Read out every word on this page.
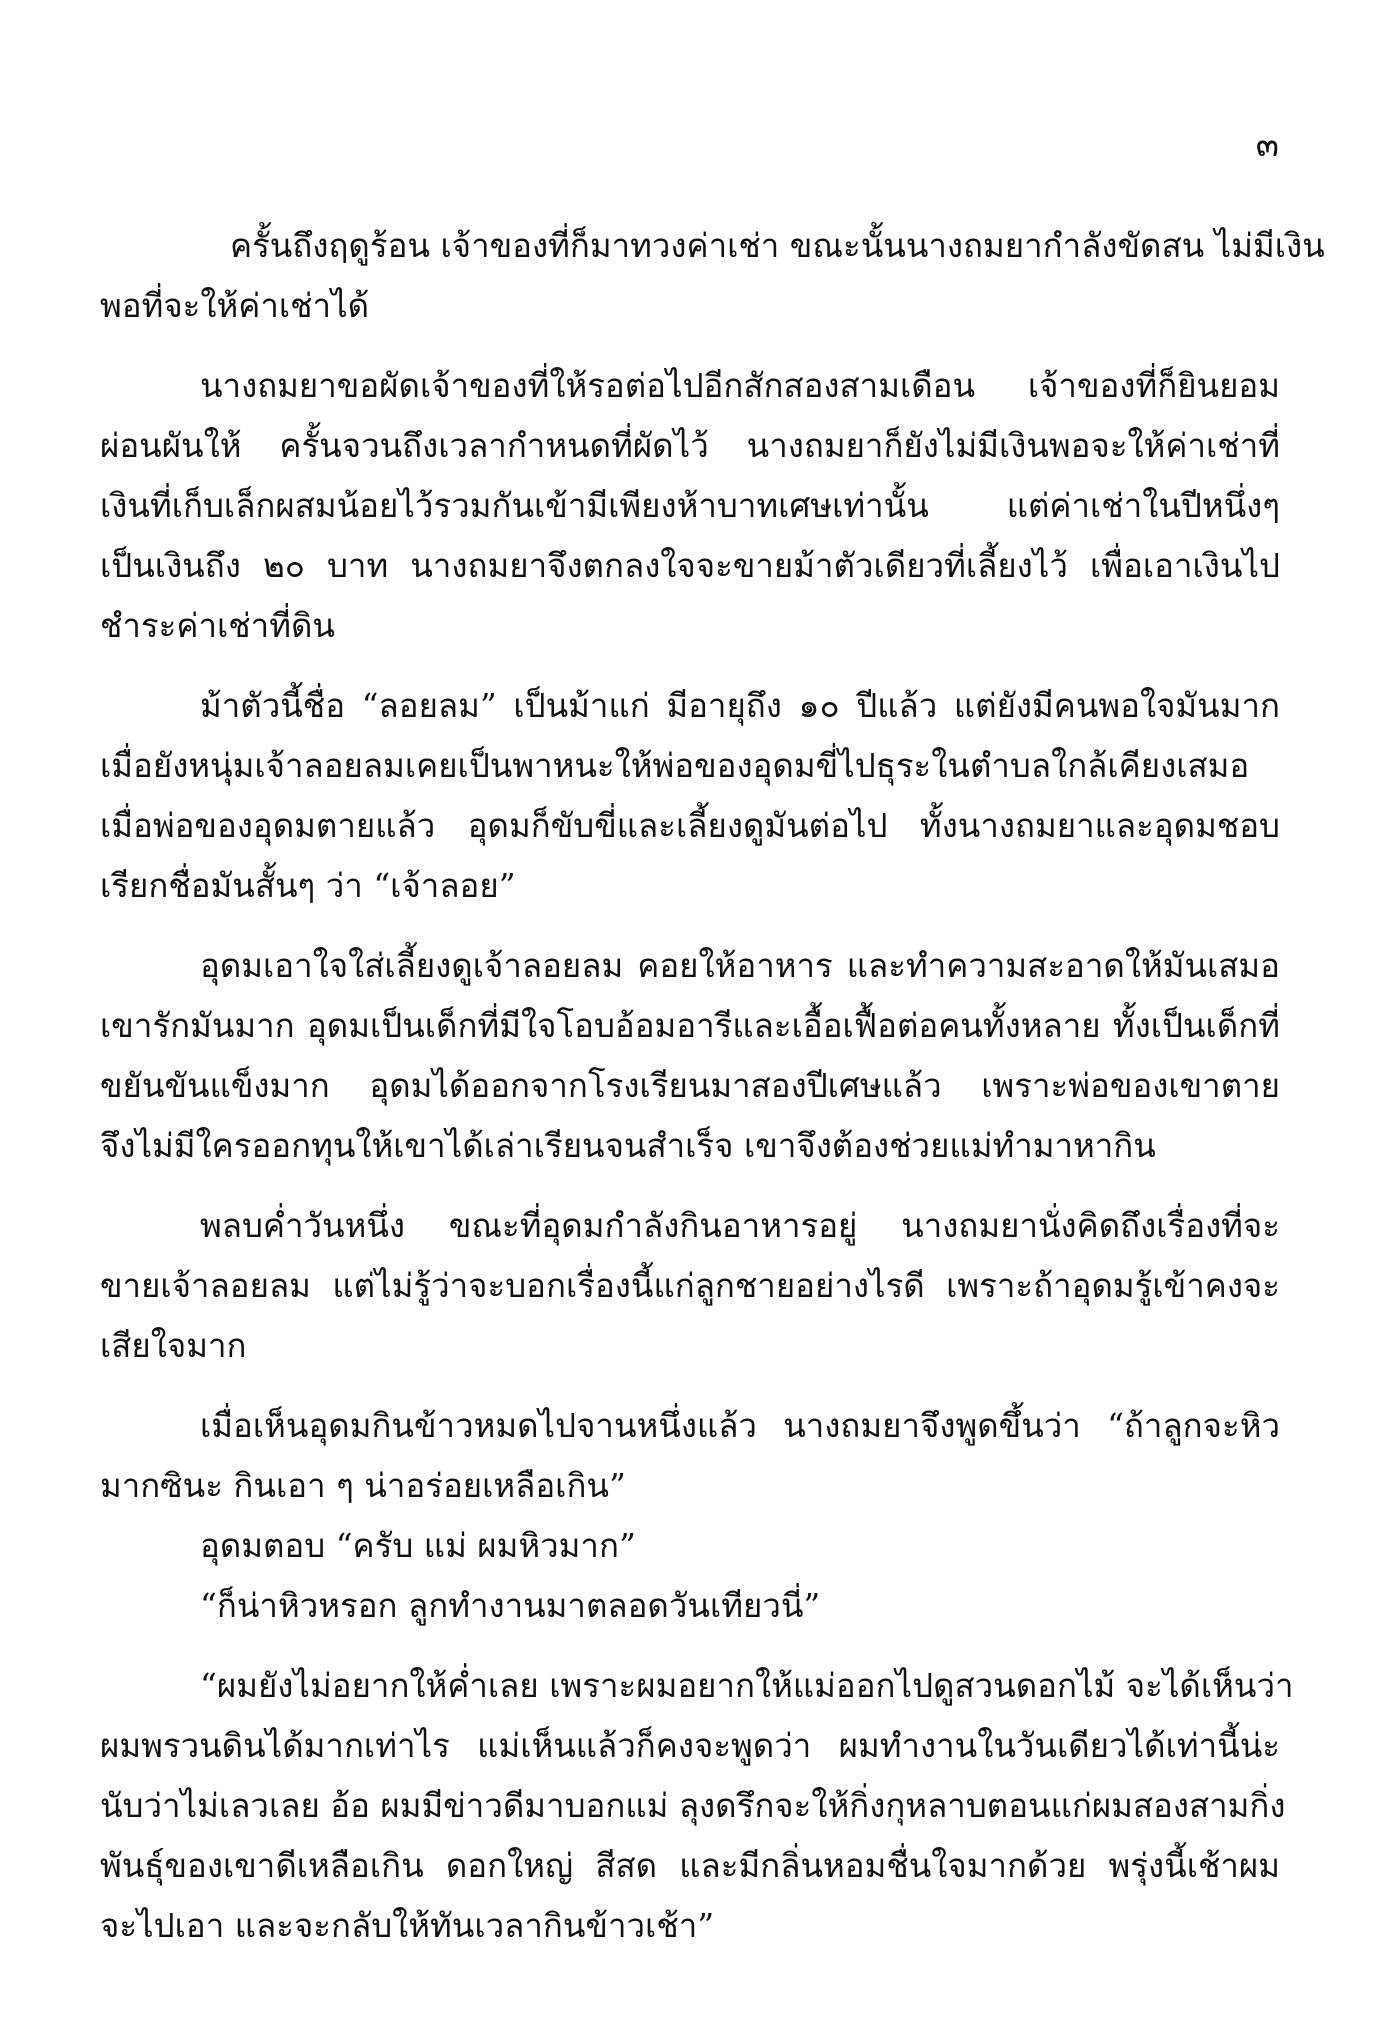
๓
ครั้นถึงฤดูร้อน เจ้าของที่ก็มาทวงค่าเช่า ขณะนั้นนางถมยากำลังขัดสน ไม่มีเงิน
พอที่จะให้ค่าเช่าได้
นางถมยาขอผัดเจ้าของที่ให้รอต่อไปอีกสักสองสามเดือน เจ้าของที่ก็ยินยอม
ผ่อนผันให้ ครั้นจวนถึงเวลากำหนดที่ผัดไว้ นางถมยาก็ยังไม่มีเงินพอจะให้ค่าเช่าที่
เงินที่เก็บเล็กผสมน้อยไว้รวมกันเข้ามีเพียงห้าบาทเศษเท่านั้น แต่ค่าเช่าในปีหนึ่งๆ
เป็นเงินถึง ๒๐ บาท นางถมยาจึงตกลงใจจะขายม้าตัวเดียวที่เลี้ยงไว้ เพื่อเอาเงินไป
ชำระค่าเช่าที่ดิน
ม้าตัวนี้ชื่อ “ลอยลม” เป็นม้าแก่ มีอายุถึง ๑๐ ปีแล้ว แต่ยังมีคนพอใจมันมาก
เมื่อยังหนุ่มเจ้าลอยลมเคยเป็นพาหนะให้พ่อของอุดมขี่ไปธุระในตำบลใกล้เคียงเสมอ
เมื่อพ่อของอุดมตายแล้ว อุดมก็ขับขี่และเลี้ยงดูมันต่อไป ทั้งนางถมยาและอุดมชอบ
เรียกชื่อมันสั้นๆ ว่า “เจ้าลอย”
อุดมเอาใจใส่เลี้ยงดูเจ้าลอยลม คอยให้อาหาร และทำความสะอาดให้มันเสมอ
เขารักมันมาก อุดมเป็นเด็กที่มีใจโอบอ้อมอารีและเอื้อเฟื้อต่อคนทั้งหลาย ทั้งเป็นเด็กที่
ขยันขันแข็งมาก อุดมได้ออกจากโรงเรียนมาสองปีเศษแล้ว เพราะพ่อของเขาตาย
จึงไม่มีใครออกทุนให้เขาได้เล่าเรียนจนสำเร็จ เขาจึงต้องช่วยแม่ทำมาหากิน
พลบค่ำวันหนึ่ง ขณะที่อุดมกำลังกินอาหารอยู่ นางถมยานั่งคิดถึงเรื่องที่จะ
ขายเจ้าลอยลม แต่ไม่รู้ว่าจะบอกเรื่องนี้แก่ลูกชายอย่างไรดี เพราะถ้าอุดมรู้เข้าคงจะ
เสียใจมาก
เมื่อเห็นอุดมกินข้าวหมดไปจานหนึ่งแล้ว นางถมยาจึงพูดขึ้นว่า “ถ้าลูกจะหิว
มากซินะ กินเอา ๆ น่าอร่อยเหลือเกิน”
อุดมตอบ “ครับ แม่ ผมหิวมาก”
“ก็น่าหิวหรอก ลูกทำงานมาตลอดวันเทียวนี่”
“ผมยังไม่อยากให้ค่ำเลย เพราะผมอยากให้แม่ออกไปดูสวนดอกไม้ จะได้เห็นว่า
ผมพรวนดินได้มากเท่าไร แม่เห็นแล้วก็คงจะพูดว่า ผมทำงานในวันเดียวได้เท่านี้น่ะ
นับว่าไม่เลวเลย อ้อ ผมมีข่าวดีมาบอกแม่ ลุงดรึกจะให้กิ่งกุหลาบตอนแก่ผมสองสามกิ่ง
พันธุ์ของเขาดีเหลือเกิน ดอกใหญ่ สีสด และมีกลิ่นหอมชื่นใจมากด้วย พรุ่งนี้เช้าผม
จะไปเอา และจะกลับให้ทันเวลากินข้าวเช้า”
